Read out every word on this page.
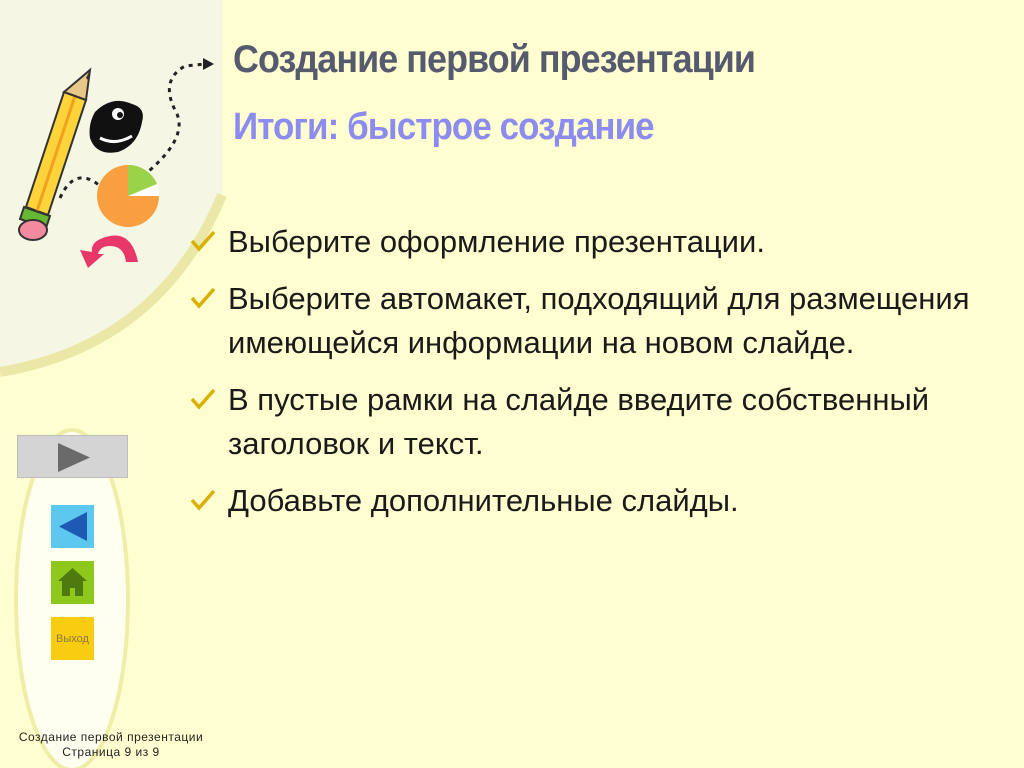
Создание первой презентации
Итоги: быстрое создание
Выберите оформление презентации.
Выберите автомакет, подходящий для размещения имеющейся информации на новом слайде.
В пустые рамки на слайде введите собственный заголовок и текст.
Добавьте дополнительные слайды.
Выход
Создание первой презентации
Страница 9 из 9
